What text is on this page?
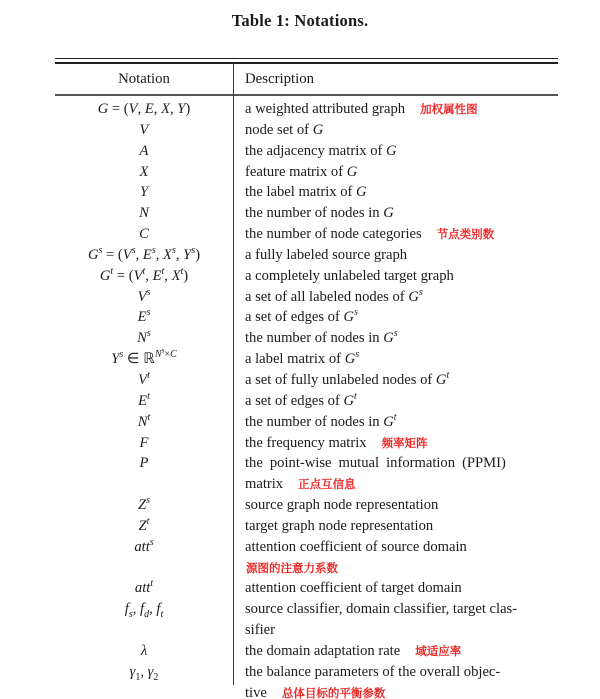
Table 1: Notations.
Notation	Description
G = (V, E, X, Y)	a weighted attributed graph 加权属性图
V	node set of G
A	the adjacency matrix of G
X	feature matrix of G
Y	the label matrix of G
N	the number of nodes in G
C	the number of node categories 节点类别数
$G^s = (V^s$, $E^s$, $X^s$, $Y^s$)	a fully labeled source graph
$G^t = (V^t$, $E^t$, $X^t$)	a completely unlabeled target graph
$V^s$	a set of all labeled nodes of $G^s$
$E^s$	a set of edges of $G^s$
$N^s$	the number of nodes in $G^s$
$Y^s$ ∈ ℝ$^{N^s\times C}$	a label matrix of $G^s$
$V^t$	a set of fully unlabeled nodes of $G^t$
$E^t$	a set of edges of $G^t$
$N^t$	the number of nodes in $G^t$
F	the frequency matrix 频率矩阵
P	the point-wise mutual information (PPMI)
matrix 正点互信息
$Z^s$	source graph node representation
$Z^t$	target graph node representation
att$^s$	attention coefficient of source domain源图的注意力系数
att$^t$	attention coefficient of target domain
$f_s$, $f_d$, $f_t$	source classifier, domain classifier, target clas-
sifier
λ	the domain adaptation rate 域适应率
$\gamma_1$, $\gamma_2$	the balance parameters of the overall objec-
tive 总体目标的平衡参数
